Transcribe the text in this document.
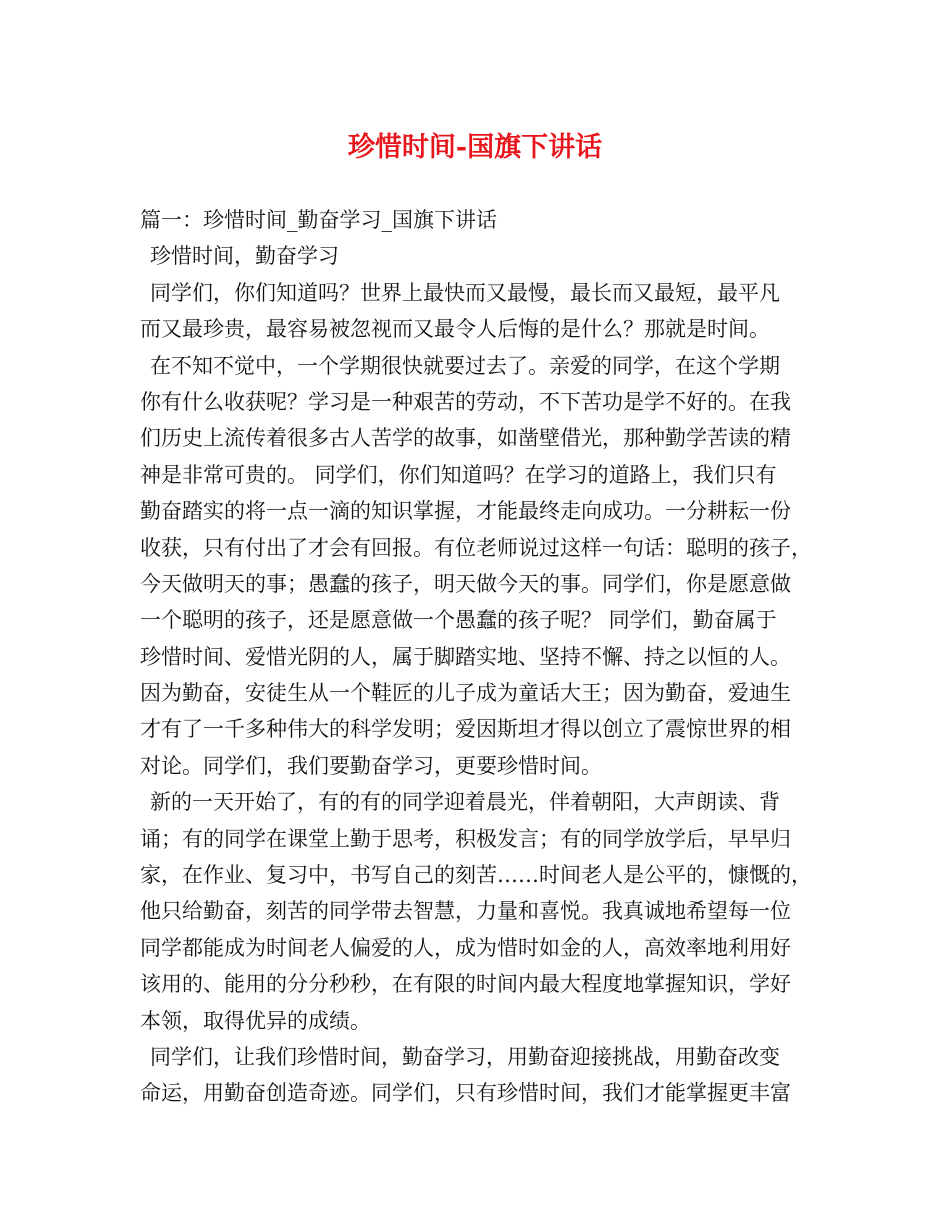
珍惜时间-国旗下讲话

篇一：珍惜时间_勤奋学习_国旗下讲话

珍惜时间，勤奋学习

同学们，你们知道吗？世界上最快而又最慢，最长而又最短，最平凡

而又最珍贵，最容易被忽视而又最令人后悔的是什么？那就是时间。

在不知不觉中，一个学期很快就要过去了。亲爱的同学，在这个学期

你有什么收获呢？学习是一种艰苦的劳动，不下苦功是学不好的。在我

们历史上流传着很多古人苦学的故事，如凿壁借光，那种勤学苦读的精

神是非常可贵的。 同学们，你们知道吗？在学习的道路上，我们只有

勤奋踏实的将一点一滴的知识掌握，才能最终走向成功。一分耕耘一份

收获，只有付出了才会有回报。有位老师说过这样一句话：聪明的孩子，

今天做明天的事；愚蠢的孩子，明天做今天的事。同学们，你是愿意做

一个聪明的孩子，还是愿意做一个愚蠢的孩子呢？ 同学们，勤奋属于

珍惜时间、爱惜光阴的人，属于脚踏实地、坚持不懈、持之以恒的人。

因为勤奋，安徒生从一个鞋匠的儿子成为童话大王；因为勤奋，爱迪生

才有了一千多种伟大的科学发明；爱因斯坦才得以创立了震惊世界的相

对论。同学们，我们要勤奋学习，更要珍惜时间。

新的一天开始了，有的有的同学迎着晨光，伴着朝阳，大声朗读、背

诵；有的同学在课堂上勤于思考，积极发言；有的同学放学后，早早归

家，在作业、复习中，书写自己的刻苦……时间老人是公平的，慷慨的，

他只给勤奋，刻苦的同学带去智慧，力量和喜悦。我真诚地希望每一位

同学都能成为时间老人偏爱的人，成为惜时如金的人，高效率地利用好

该用的、能用的分分秒秒，在有限的时间内最大程度地掌握知识，学好

本领，取得优异的成绩。

同学们，让我们珍惜时间，勤奋学习，用勤奋迎接挑战，用勤奋改变

命运，用勤奋创造奇迹。同学们，只有珍惜时间，我们才能掌握更丰富
